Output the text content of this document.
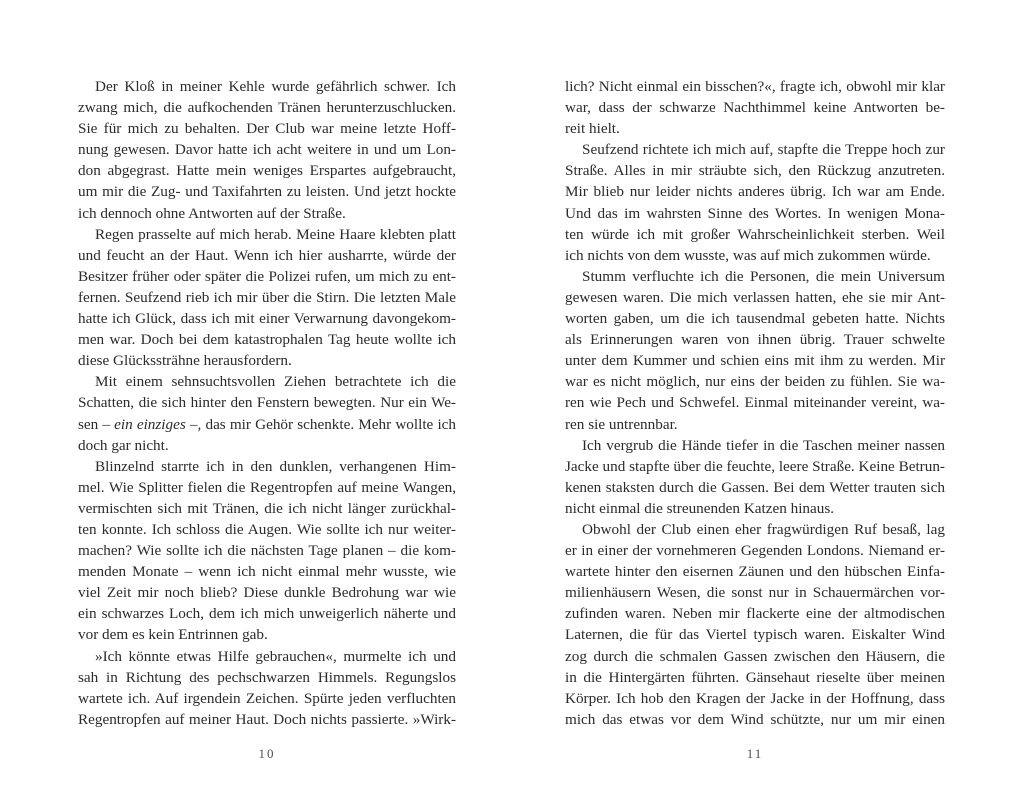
Der Kloß in meiner Kehle wurde gefährlich schwer. Ich
zwang mich, die aufkochenden Tränen herunterzuschlucken.
Sie für mich zu behalten. Der Club war meine letzte Hoff-
nung gewesen. Davor hatte ich acht weitere in und um Lon-
don abgegrast. Hatte mein weniges Erspartes aufgebraucht,
um mir die Zug- und Taxifahrten zu leisten. Und jetzt hockte
ich dennoch ohne Antworten auf der Straße.
Regen prasselte auf mich herab. Meine Haare klebten platt
und feucht an der Haut. Wenn ich hier ausharrte, würde der
Besitzer früher oder später die Polizei rufen, um mich zu ent-
fernen. Seufzend rieb ich mir über die Stirn. Die letzten Male
hatte ich Glück, dass ich mit einer Verwarnung davongekom-
men war. Doch bei dem katastrophalen Tag heute wollte ich
diese Glückssträhne herausfordern.
Mit einem sehnsuchtsvollen Ziehen betrachtete ich die
Schatten, die sich hinter den Fenstern bewegten. Nur ein We-
sen – ein einziges –, das mir Gehör schenkte. Mehr wollte ich
doch gar nicht.
Blinzelnd starrte ich in den dunklen, verhangenen Him-
mel. Wie Splitter fielen die Regentropfen auf meine Wangen,
vermischten sich mit Tränen, die ich nicht länger zurückhal-
ten konnte. Ich schloss die Augen. Wie sollte ich nur weiter-
machen? Wie sollte ich die nächsten Tage planen – die kom-
menden Monate – wenn ich nicht einmal mehr wusste, wie
viel Zeit mir noch blieb? Diese dunkle Bedrohung war wie
ein schwarzes Loch, dem ich mich unweigerlich näherte und
vor dem es kein Entrinnen gab.
»Ich könnte etwas Hilfe gebrauchen«, murmelte ich und
sah in Richtung des pechschwarzen Himmels. Regungslos
wartete ich. Auf irgendein Zeichen. Spürte jeden verfluchten
Regentropfen auf meiner Haut. Doch nichts passierte. »Wirk-
lich? Nicht einmal ein bisschen?«, fragte ich, obwohl mir klar
war, dass der schwarze Nachthimmel keine Antworten be-
reit hielt.
Seufzend richtete ich mich auf, stapfte die Treppe hoch zur
Straße. Alles in mir sträubte sich, den Rückzug anzutreten.
Mir blieb nur leider nichts anderes übrig. Ich war am Ende.
Und das im wahrsten Sinne des Wortes. In wenigen Mona-
ten würde ich mit großer Wahrscheinlichkeit sterben. Weil
ich nichts von dem wusste, was auf mich zukommen würde.
Stumm verfluchte ich die Personen, die mein Universum
gewesen waren. Die mich verlassen hatten, ehe sie mir Ant-
worten gaben, um die ich tausendmal gebeten hatte. Nichts
als Erinnerungen waren von ihnen übrig. Trauer schwelte
unter dem Kummer und schien eins mit ihm zu werden. Mir
war es nicht möglich, nur eins der beiden zu fühlen. Sie wa-
ren wie Pech und Schwefel. Einmal miteinander vereint, wa-
ren sie untrennbar.
Ich vergrub die Hände tiefer in die Taschen meiner nassen
Jacke und stapfte über die feuchte, leere Straße. Keine Betrun-
kenen staksten durch die Gassen. Bei dem Wetter trauten sich
nicht einmal die streunenden Katzen hinaus.
Obwohl der Club einen eher fragwürdigen Ruf besaß, lag
er in einer der vornehmeren Gegenden Londons. Niemand er-
wartete hinter den eisernen Zäunen und den hübschen Einfa-
milienhäusern Wesen, die sonst nur in Schauermärchen vor-
zufinden waren. Neben mir flackerte eine der altmodischen
Laternen, die für das Viertel typisch waren. Eiskalter Wind
zog durch die schmalen Gassen zwischen den Häusern, die
in die Hintergärten führten. Gänsehaut rieselte über meinen
Körper. Ich hob den Kragen der Jacke in der Hoffnung, dass
mich das etwas vor dem Wind schützte, nur um mir einen
10	11
